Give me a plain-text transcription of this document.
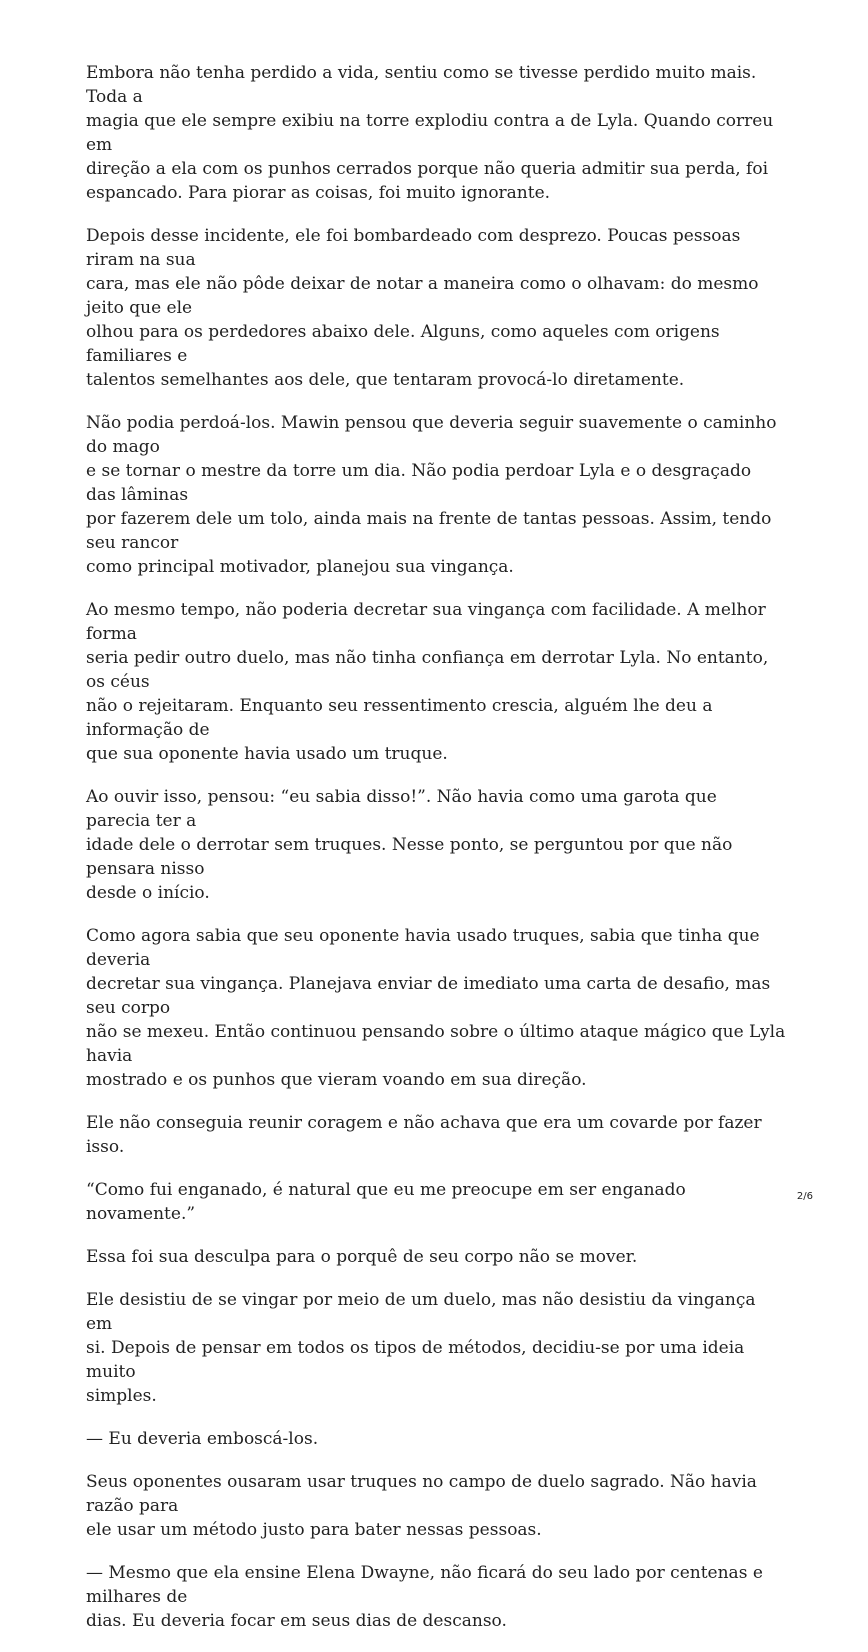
Embora não tenha perdido a vida, sentiu como se tivesse perdido muito mais. Toda a
magia que ele sempre exibiu na torre explodiu contra a de Lyla. Quando correu em
direção a ela com os punhos cerrados porque não queria admitir sua perda, foi
espancado. Para piorar as coisas, foi muito ignorante.

Depois desse incidente, ele foi bombardeado com desprezo. Poucas pessoas riram na sua
cara, mas ele não pôde deixar de notar a maneira como o olhavam: do mesmo jeito que ele
olhou para os perdedores abaixo dele. Alguns, como aqueles com origens familiares e
talentos semelhantes aos dele, que tentaram provocá-lo diretamente.

Não podia perdoá-los. Mawin pensou que deveria seguir suavemente o caminho do mago
e se tornar o mestre da torre um dia. Não podia perdoar Lyla e o desgraçado das lâminas
por fazerem dele um tolo, ainda mais na frente de tantas pessoas. Assim, tendo seu rancor
como principal motivador, planejou sua vingança.

Ao mesmo tempo, não poderia decretar sua vingança com facilidade. A melhor forma
seria pedir outro duelo, mas não tinha confiança em derrotar Lyla. No entanto, os céus
não o rejeitaram. Enquanto seu ressentimento crescia, alguém lhe deu a informação de
que sua oponente havia usado um truque.

Ao ouvir isso, pensou: “eu sabia disso!”. Não havia como uma garota que parecia ter a
idade dele o derrotar sem truques. Nesse ponto, se perguntou por que não pensara nisso
desde o início.

Como agora sabia que seu oponente havia usado truques, sabia que tinha que deveria
decretar sua vingança. Planejava enviar de imediato uma carta de desafio, mas seu corpo
não se mexeu. Então continuou pensando sobre o último ataque mágico que Lyla havia
mostrado e os punhos que vieram voando em sua direção.

Ele não conseguia reunir coragem e não achava que era um covarde por fazer isso.

“Como fui enganado, é natural que eu me preocupe em ser enganado novamente.”

Essa foi sua desculpa para o porquê de seu corpo não se mover.

Ele desistiu de se vingar por meio de um duelo, mas não desistiu da vingança em
si. Depois de pensar em todos os tipos de métodos, decidiu-se por uma ideia muito
simples.

— Eu deveria emboscá-los.

Seus oponentes ousaram usar truques no campo de duelo sagrado. Não havia razão para
ele usar um método justo para bater nessas pessoas.

— Mesmo que ela ensine Elena Dwayne, não ficará do seu lado por centenas e milhares de
dias. Eu deveria focar em seus dias de descanso.

2/6
